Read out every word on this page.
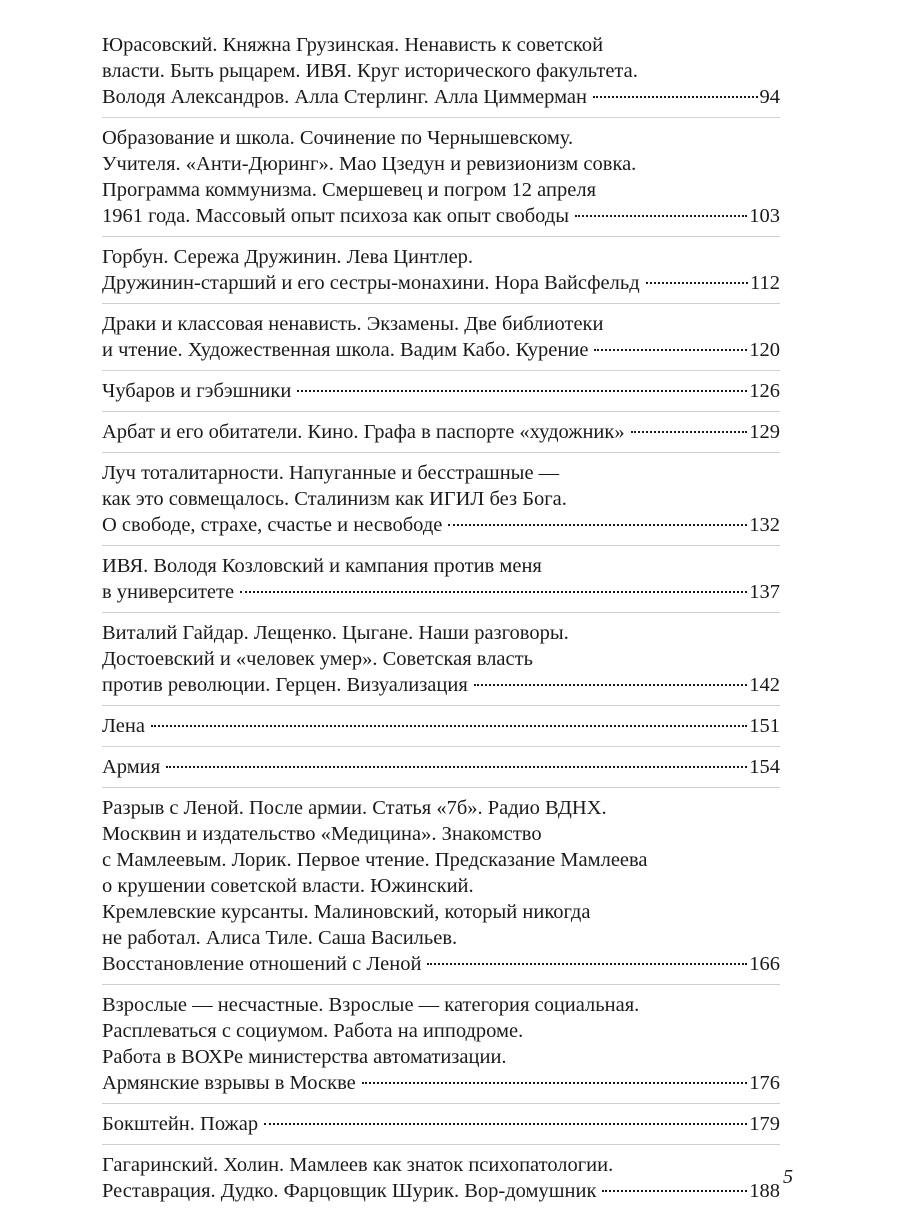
Юрасовский. Княжна Грузинская. Ненависть к советской
власти. Быть рыцарем. ИВЯ. Круг исторического факультета.
Володя Александров. Алла Стерлинг. Алла Циммерман	94
Образование и школа. Сочинение по Чернышевскому.
Учителя. «Анти-Дюринг». Мао Цзедун и ревизионизм совка.
Программа коммунизма. Смершевец и погром 12 апреля
1961 года. Массовый опыт психоза как опыт свободы	103
Горбун. Сережа Дружинин. Лева Цинтлер.
Дружинин-старший и его сестры-монахини. Нора Вайсфельд	112
Драки и классовая ненависть. Экзамены. Две библиотеки
и чтение. Художественная школа. Вадим Кабо. Курение	120
Чубаров и гэбэшники	126
Арбат и его обитатели. Кино. Графа в паспорте «художник»	129
Луч тоталитарности. Напуганные и бесстрашные —
как это совмещалось. Сталинизм как ИГИЛ без Бога.
О свободе, страхе, счастье и несвободе	132
ИВЯ. Володя Козловский и кампания против меня
в университете	137
Виталий Гайдар. Лещенко. Цыгане. Наши разговоры.
Достоевский и «человек умер». Советская власть
против революции. Герцен. Визуализация	142
Лена	151
Армия	154
Разрыв с Леной. После армии. Статья «7б». Радио ВДНХ.
Москвин и издательство «Медицина». Знакомство
с Мамлеевым. Лорик. Первое чтение. Предсказание Мамлеева
о крушении советской власти. Южинский.
Кремлевские курсанты. Малиновский, который никогда
не работал. Алиса Тиле. Саша Васильев.
Восстановление отношений с Леной	166
Взрослые — несчастные. Взрослые — категория социальная.
Расплеваться с социумом. Работа на ипподроме.
Работа в ВОХРе министерства автоматизации.
Армянские взрывы в Москве	176
Бокштейн. Пожар	179
Гагаринский. Холин. Мамлеев как знаток психопатологии.
Реставрация. Дудко. Фарцовщик Шурик. Вор-домушник	188
5
